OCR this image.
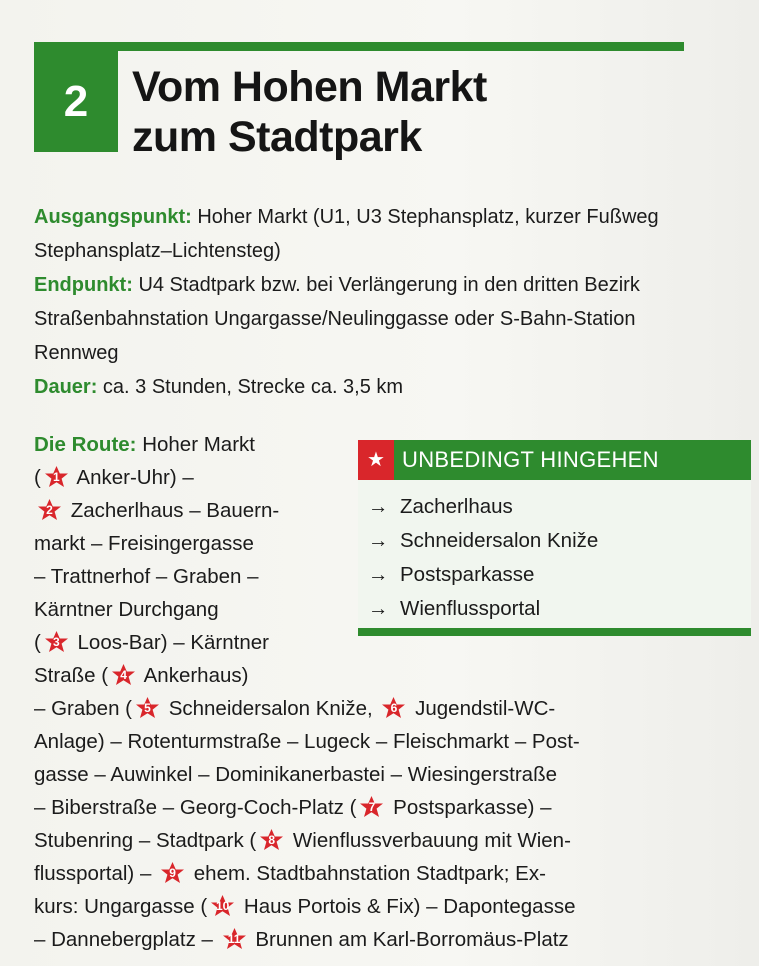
2	Vom Hohen Markt
zum Stadtpark
Ausgangspunkt: Hoher Markt (U1, U3 Stephansplatz, kurzer Fußweg Stephansplatz–Lichtensteg)
Endpunkt: U4 Stadtpark bzw. bei Verlängerung in den dritten Bezirk Straßenbahnstation Ungargasse/Neulinggasse oder S-Bahn-Station Rennweg
Dauer: ca. 3 Stunden, Strecke ca. 3,5 km
Die Route: Hoher Markt
(	1 Anker-Uhr) –
2 Zacherlhaus – Bauern-
markt – Freisingergasse
– Trattnerhof – Graben –
Kärntner Durchgang
(	3 Loos-Bar) – Kärntner
Straße (	4 Ankerhaus)
– Graben (	5 Schneidersalon Kniže,	6 Jugendstil-WC-
Anlage) – Rotenturmstraße – Lugeck – Fleischmarkt – Post-
gasse – Auwinkel – Dominikanerbastei – Wiesingerstraße
– Biberstraße – Georg-Coch-Platz (	7 Postsparkasse) –
Stubenring – Stadtpark (	8 Wienflussverbauung mit Wien-
flussportal) –	9 ehem. Stadtbahnstation Stadtpark; Ex-
kurs: Ungargasse ( 10 Haus Portois & Fix) – Dapontegasse
– Dannebergplatz –	11 Brunnen am Karl-Borromäus-Platz
★ UNBEDINGT HINGEHEN
→ Zacherlhaus
→ Schneidersalon Kniže
→ Postsparkasse
→ Wienflussportal
